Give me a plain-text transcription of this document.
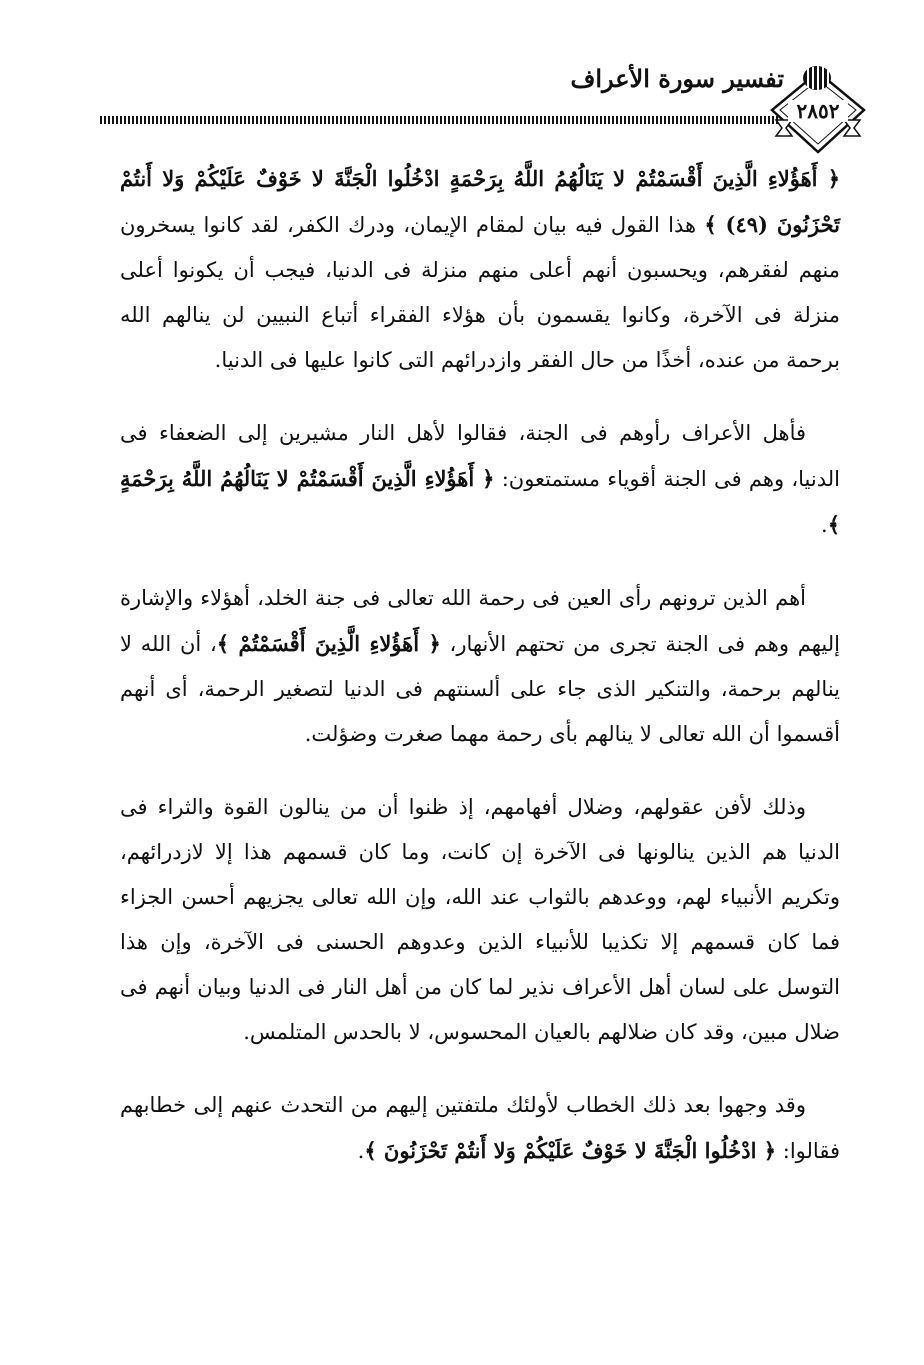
٢٨٥٢
تفسير سورة الأعراف

﴿ أَهَؤُلاءِ الَّذِينَ أَقْسَمْتُمْ لا يَنَالُهُمُ اللَّهُ بِرَحْمَةٍ ادْخُلُوا الْجَنَّةَ لا خَوْفٌ عَلَيْكُمْ وَلا أَنتُمْ تَحْزَنُونَ (٤٩) ﴾ هذا القول فيه بيان لمقام الإيمان، ودرك الكفر، لقد كانوا يسخرون منهم لفقرهم، ويحسبون أنهم أعلى منهم منزلة فى الدنيا، فيجب أن يكونوا أعلى منزلة فى الآخرة، وكانوا يقسمون بأن هؤلاء الفقراء أتباع النبيين لن ينالهم الله برحمة من عنده، أخذًا من حال الفقر وازدرائهم التى كانوا عليها فى الدنيا.

فأهل الأعراف رأوهم فى الجنة، فقالوا لأهل النار مشيرين إلى الضعفاء فى الدنيا، وهم فى الجنة أقوياء مستمتعون: ﴿ أَهَؤُلاءِ الَّذِينَ أَقْسَمْتُمْ لا يَنَالُهُمُ اللَّهُ بِرَحْمَةٍ ﴾.

أهم الذين ترونهم رأى العين فى رحمة الله تعالى فى جنة الخلد، أهؤلاء والإشارة إليهم وهم فى الجنة تجرى من تحتهم الأنهار، ﴿ أَهَؤُلاءِ الَّذِينَ أَقْسَمْتُمْ ﴾، أن الله لا ينالهم برحمة، والتنكير الذى جاء على ألسنتهم فى الدنيا لتصغير الرحمة، أى أنهم أقسموا أن الله تعالى لا ينالهم بأى رحمة مهما صغرت وضؤلت.

وذلك لأفن عقولهم، وضلال أفهامهم، إذ ظنوا أن من ينالون القوة والثراء فى الدنيا هم الذين ينالونها فى الآخرة إن كانت، وما كان قسمهم هذا إلا لازدرائهم، وتكريم الأنبياء لهم، ووعدهم بالثواب عند الله، وإن الله تعالى يجزيهم أحسن الجزاء فما كان قسمهم إلا تكذيبا للأنبياء الذين وعدوهم الحسنى فى الآخرة، وإن هذا التوسل على لسان أهل الأعراف نذير لما كان من أهل النار فى الدنيا وبيان أنهم فى ضلال مبين، وقد كان ضلالهم بالعيان المحسوس، لا بالحدس المتلمس.

وقد وجهوا بعد ذلك الخطاب لأولئك ملتفتين إليهم من التحدث عنهم إلى خطابهم فقالوا: ﴿ ادْخُلُوا الْجَنَّةَ لا خَوْفٌ عَلَيْكُمْ وَلا أَنتُمْ تَحْزَنُونَ ﴾.
